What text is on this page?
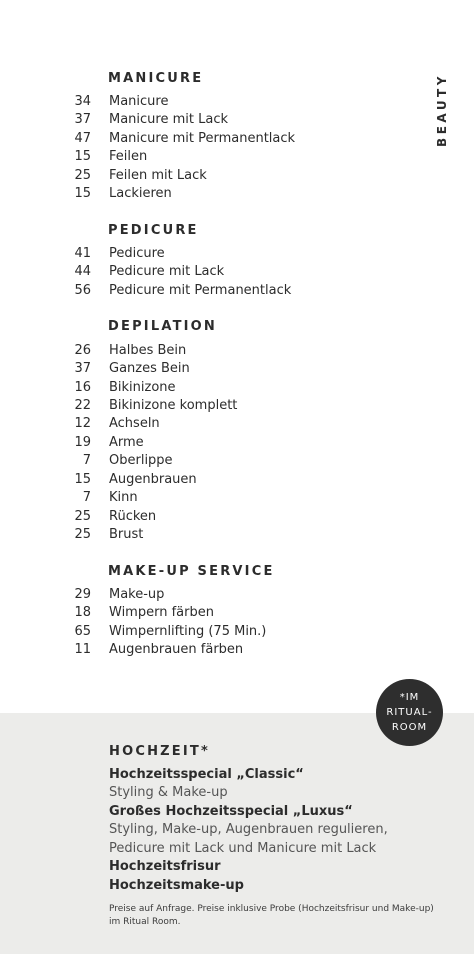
BEAUTY
MANICURE
34 Manicure
37 Manicure mit Lack
47 Manicure mit Permanentlack
15 Feilen
25 Feilen mit Lack
15 Lackieren
PEDICURE
41 Pedicure
44 Pedicure mit Lack
56 Pedicure mit Permanentlack
DEPILATION
26 Halbes Bein
37 Ganzes Bein
16 Bikinizone
22 Bikinizone komplett
12 Achseln
19 Arme
7 Oberlippe
15 Augenbrauen
7 Kinn
25 Rücken
25 Brust
MAKE-UP SERVICE
29 Make-up
18 Wimpern färben
65 Wimpernlifting (75 Min.)
11 Augenbrauen färben
*IM
RITUAL-
ROOM
HOCHZEIT*
Hochzeitsspecial „Classic“
Styling & Make-up
Großes Hochzeitsspecial „Luxus“
Styling, Make-up, Augenbrauen regulieren,
Pedicure mit Lack und Manicure mit Lack
Hochzeitsfrisur
Hochzeitsmake-up
Preise auf Anfrage. Preise inklusive Probe (Hochzeitsfrisur und Make-up)
im Ritual Room.
